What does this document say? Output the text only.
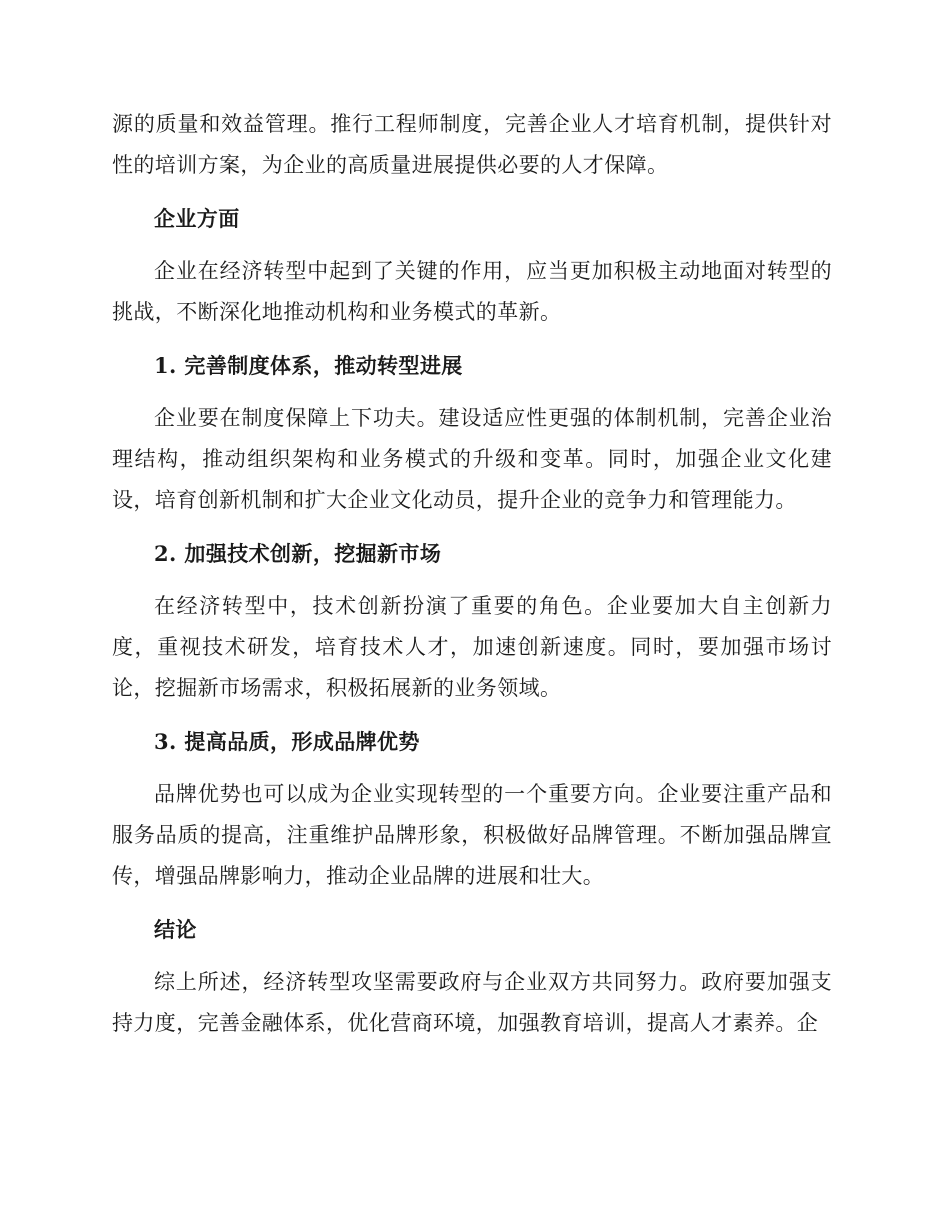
源的质量和效益管理。推行工程师制度，完善企业人才培育机制，提供针对性的培训方案，为企业的高质量进展提供必要的人才保障。

企业方面

企业在经济转型中起到了关键的作用，应当更加积极主动地面对转型的挑战，不断深化地推动机构和业务模式的革新。

1. 完善制度体系，推动转型进展

企业要在制度保障上下功夫。建设适应性更强的体制机制，完善企业治理结构，推动组织架构和业务模式的升级和变革。同时，加强企业文化建设，培育创新机制和扩大企业文化动员，提升企业的竞争力和管理能力。

2. 加强技术创新，挖掘新市场

在经济转型中，技术创新扮演了重要的角色。企业要加大自主创新力度，重视技术研发，培育技术人才，加速创新速度。同时，要加强市场讨论，挖掘新市场需求，积极拓展新的业务领域。

3. 提高品质，形成品牌优势

品牌优势也可以成为企业实现转型的一个重要方向。企业要注重产品和服务品质的提高，注重维护品牌形象，积极做好品牌管理。不断加强品牌宣传，增强品牌影响力，推动企业品牌的进展和壮大。

结论

综上所述，经济转型攻坚需要政府与企业双方共同努力。政府要加强支持力度，完善金融体系，优化营商环境，加强教育培训，提高人才素养。企
